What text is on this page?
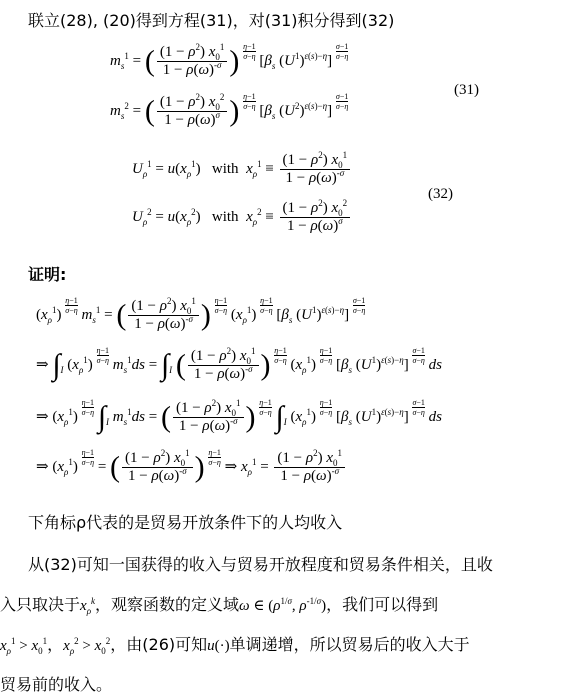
联立(28), (20)得到方程(31)，对(31)积分得到(32)
$m_s^1$ = ( $\frac{(1 - \rho^2) x_0^1}{1 - \rho(\omega)^{-\sigma}}$ ) $\frac{\eta-1}{\sigma-\eta} [\beta_s$ $(U^1)^{\varepsilon(s)-\eta}] \frac{\sigma-1}{\sigma-\eta}$
$m_s^2$ = ( $\frac{(1 - \rho^2) x_0^2}{1 - \rho(\omega)^\sigma}$ ) $\frac{\eta-1}{\sigma-\eta} [\beta_s$ $(U^2)^{\varepsilon(s)-\eta}] \frac{\sigma-1}{\sigma-\eta}$
(31)
$U_\rho^1 = u(x_\rho^1)$   with $x_\rho^1 \equiv \frac{(1 - \rho^2) x_0^1}{1 - \rho(\omega)^{-\sigma}}$
$U_\rho^2 = u(x_\rho^2)$   with $x_\rho^2 \equiv \frac{(1 - \rho^2) x_0^2}{1 - \rho(\omega)^\sigma}$
(32)
证明:
$(x_\rho^1) \frac{\eta-1}{\sigma-\eta} m_s^1$ = ( $\frac{(1 - \rho^2) x_0^1}{1 - \rho(\omega)^{-\sigma}}$ ) $\frac{\eta-1}{\sigma-\eta} (x_\rho^1) \frac{\eta-1}{\sigma-\eta} [\beta_s$ $(U^1)^{\varepsilon(s)-\eta}] \frac{\sigma-1}{\sigma-\eta}$
⇒ $\int_I$ $(x_\rho^1) \frac{\eta-1}{\sigma-\eta} m_s^1ds = \int_I$ ( $\frac{(1 - \rho^2) x_0^1}{1 - \rho(\omega)^{-\sigma}}$ ) $\frac{\eta-1}{\sigma-\eta} (x_\rho^1) \frac{\eta-1}{\sigma-\eta} [\beta_s$ $(U^1)^{\varepsilon(s)-\eta}] \frac{\sigma-1}{\sigma-\eta}$ ds
⇒ $(x_\rho^1) \frac{\eta-1}{\sigma-\eta} \int_I$ $m_s^1ds$ = ( $\frac{(1 - \rho^2) x_0^1}{1 - \rho(\omega)^{-\sigma}}$ ) $\frac{\eta-1}{\sigma-\eta} \int_I$ $(x_\rho^1) \frac{\eta-1}{\sigma-\eta} [\beta_s$ $(U^1)^{\varepsilon(s)-\eta}] \frac{\sigma-1}{\sigma-\eta}$ ds
⇒ $(x_\rho^1) \frac{\eta-1}{\sigma-\eta}$ = ( $\frac{(1 - \rho^2) x_0^1}{1 - \rho(\omega)^{-\sigma}}$ ) $\frac{\eta-1}{\sigma-\eta}$ ⇒ $x_\rho^1 = \frac{(1 - \rho^2) x_0^1}{1 - \rho(\omega)^{-\sigma}}$
下角标ρ代表的是贸易开放条件下的人均收入
从(32)可知一国获得的收入与贸易开放程度和贸易条件相关，且收
入只取决于$x_\rho^k$，观察函数的定义域ω ∈ ($\rho^{1/\sigma}$, $\rho^{-1/\sigma}$)，我们可以得到
$x_\rho^1 > x_0^1$，$x_\rho^2 > x_0^2$，由(26)可知u(·)单调递增，所以贸易后的收入大于
贸易前的收入。
